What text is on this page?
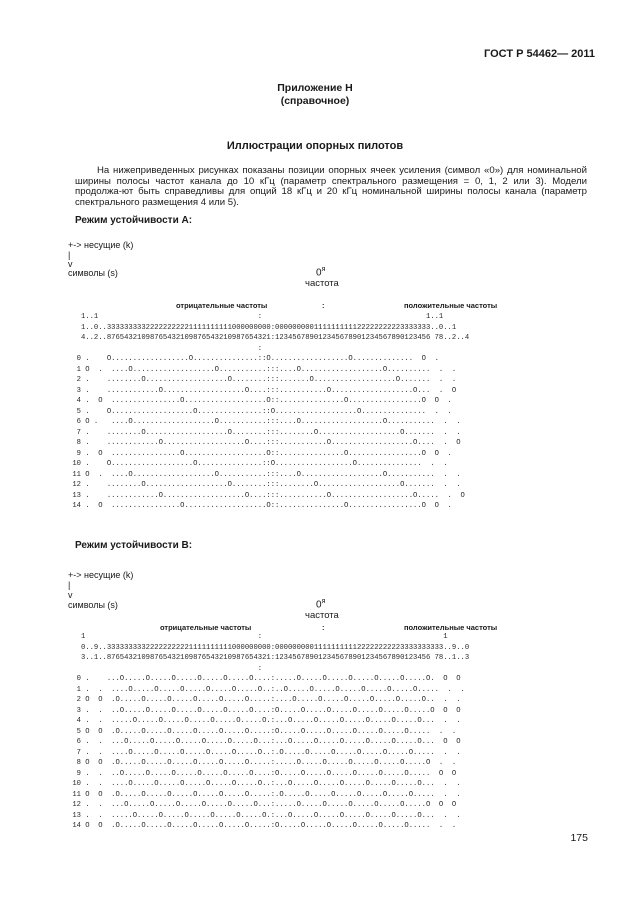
ГОСТ Р 54462— 2011
Приложение Н
(справочное)
Иллюстрации опорных пилотов
На нижеприведенных рисунках показаны позиции опорных ячеек усиления (символ «0») для номинальной ширины полосы частот канала до 10 кГц (параметр спектрального размещения = 0, 1, 2 или 3). Модели продолжа-ют быть справедливы для опций 18 кГц и 20 кГц номинальной ширины полосы канала (параметр спектрального размещения 4 или 5).
Режим устойчивости A:
+-> несущие (k)
|
v
символы (s)	$0^я$
частота
отрицательные частоты	:	положительные частоты
1..1                                     :                                      1..1
1..0..33333333322222222221111111111000000000:000000000111111111122222222223333333..0..1
4..2..87654321098765432109876543210987654321:123456789012345678901234567890123456 78..2..4
:
0 .    O..................O...............::O..................O..............  O  .
1 O  .  ....O...................O...........:::....O...................O..........  .  .
2 .    ........O...................O........:::.......O...................O.......  .  .
3 .    ............O...................O....:::...........O...................O...  .  O
4 .  O  ................O...................O::...............O.................O  O  .
5 .    O...................O...............::O...................O...............  .  .
6 O .   ....O...................O...........:::....O...................O...........  .  .
7 .    ........O...................O........:::........O...................O.......  .  .
8 .    ............O...................O....:::...........O...................O....  .  O
9 .  O  ................O...................O::...............O.................O  O  .
10 .    O...................O...............::O..................O...............  .  .
11 O  .  ....O...................O...........:::....O...................O...........  .  .
12 .    ........O...................O........:::........O...................O.......  .  .
13 .    ............O...................O....:::...........O...................O.....  .  O
14 .  O  ................O...................O::...............O.................O  O  .
Режим устойчивости B:
+-> несущие (k)
|
v
символы (s)	$0^я$
частота
отрицательные частоты	:	положительные частоты
1                                        :                                          1
0..9..33333333322222222221111111111000000000:000000000111111111122222222223333333333..9..0
3..1..87654321098765432109876543210987654321:123456789012345678901234567890123456 78..1..3
:
0 .    ...O.....O.....O.....O.....O.....O....:.....O.....O.....O.....O.....O.....O.  O  O
1 .  .  ....O.....O.....O.....O.....O.....O..:..O.....O.....O.....O.....O.....O.....  .  .
2 O  O  .O.....O.....O.....O.....O.....O.....:....O.....O.....O.....O.....O.....O..  .  .
3 .  .  ..O.....O.....O.....O.....O.....O....:O.....O.....O.....O.....O.....O.....O  O  O
4 .  .  .....O.....O.....O.....O.....O.....O.:...O.....O.....O.....O.....O.....O...  .  .
5 O  O  .O.....O.....O.....O.....O.....O.....:O.....O.....O.....O.....O.....O.....  .  .
6 .  .  ...O.....O.....O.....O.....O.....O...:...O.....O.....O.....O.....O.....O...  O  O
7 .  .  ....O.....O.....O.....O.....O.....O..:.O.....O.....O.....O.....O.....O.....  .  .
8 O  O  .O.....O.....O.....O.....O.....O.....:.....O.....O.....O.....O.....O.....O  .  .
9 .  .  ..O.....O.....O.....O.....O.....O....:O.....O.....O.....O.....O.....O.....  O  O
10 .  .  ....O.....O.....O.....O.....O.....O..:...O.....O.....O.....O.....O.....O...  .  .
11 O  O  .O.....O.....O.....O.....O.....O.....:.O.....O.....O.....O.....O.....O.....  .  .
12 .  .  ...O.....O.....O.....O.....O.....O...:.....O.....O.....O.....O.....O.....O  O  O
13 .  .  .....O.....O.....O.....O.....O.....O.:...O.....O.....O.....O.....O.....O...  .  .
14 O  O  .O.....O.....O.....O.....O.....O.....:O.....O.....O.....O.....O.....O.....  .  .
175
